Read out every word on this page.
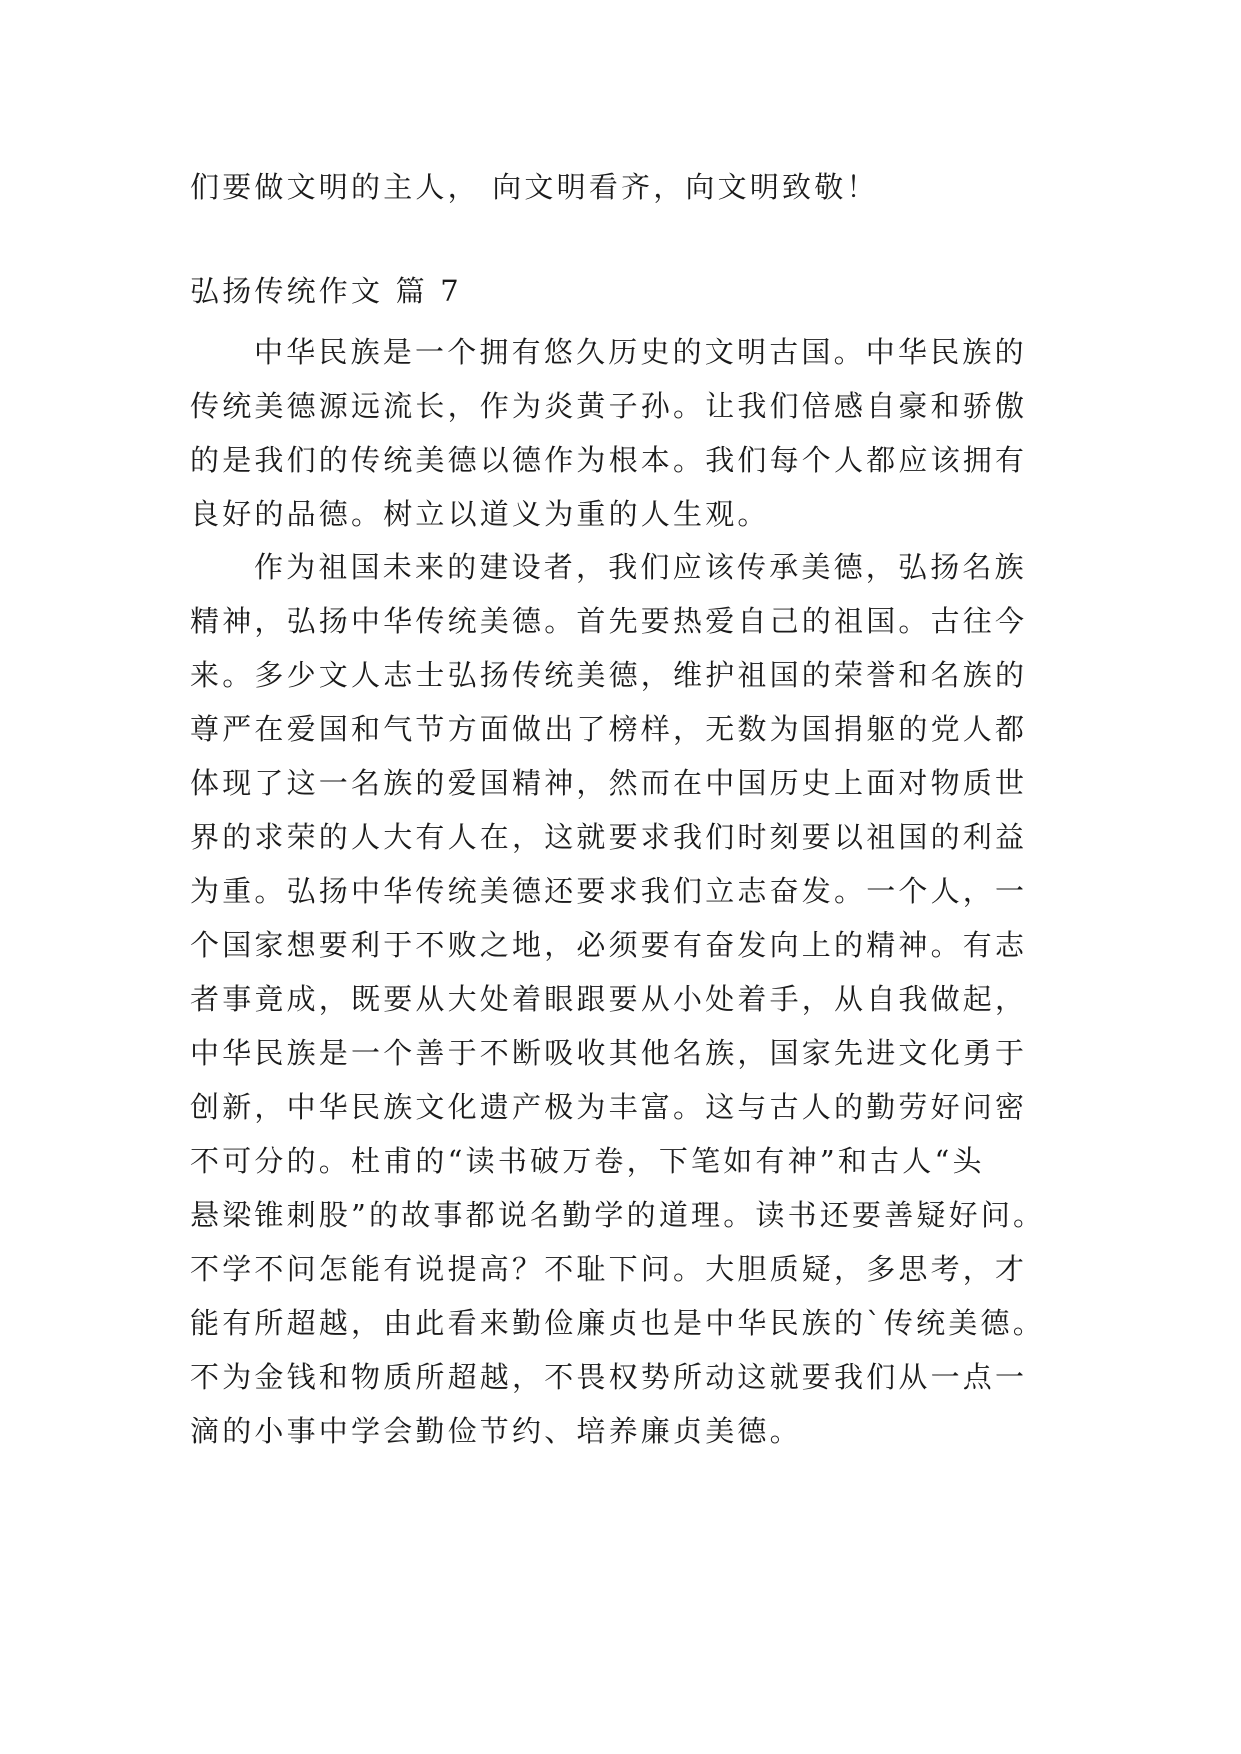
们要做文明的主人， 向文明看齐，向文明致敬！
弘扬传统作文 篇 7
中华民族是一个拥有悠久历史的文明古国。中华民族的
传统美德源远流长，作为炎黄子孙。让我们倍感自豪和骄傲
的是我们的传统美德以德作为根本。我们每个人都应该拥有
良好的品德。树立以道义为重的人生观。
作为祖国未来的建设者，我们应该传承美德，弘扬名族
精神，弘扬中华传统美德。首先要热爱自己的祖国。古往今
来。多少文人志士弘扬传统美德，维护祖国的荣誉和名族的
尊严在爱国和气节方面做出了榜样，无数为国捐躯的党人都
体现了这一名族的爱国精神，然而在中国历史上面对物质世
界的求荣的人大有人在，这就要求我们时刻要以祖国的利益
为重。弘扬中华传统美德还要求我们立志奋发。一个人，一
个国家想要利于不败之地，必须要有奋发向上的精神。有志
者事竟成，既要从大处着眼跟要从小处着手，从自我做起，
中华民族是一个善于不断吸收其他名族，国家先进文化勇于
创新，中华民族文化遗产极为丰富。这与古人的勤劳好问密
不可分的。杜甫的“读书破万卷，下笔如有神”和古人“头
悬梁锥刺股”的故事都说名勤学的道理。读书还要善疑好问。
不学不问怎能有说提高？不耻下问。大胆质疑，多思考，才
能有所超越，由此看来勤俭廉贞也是中华民族的`传统美德。
不为金钱和物质所超越，不畏权势所动这就要我们从一点一
滴的小事中学会勤俭节约、培养廉贞美德。
